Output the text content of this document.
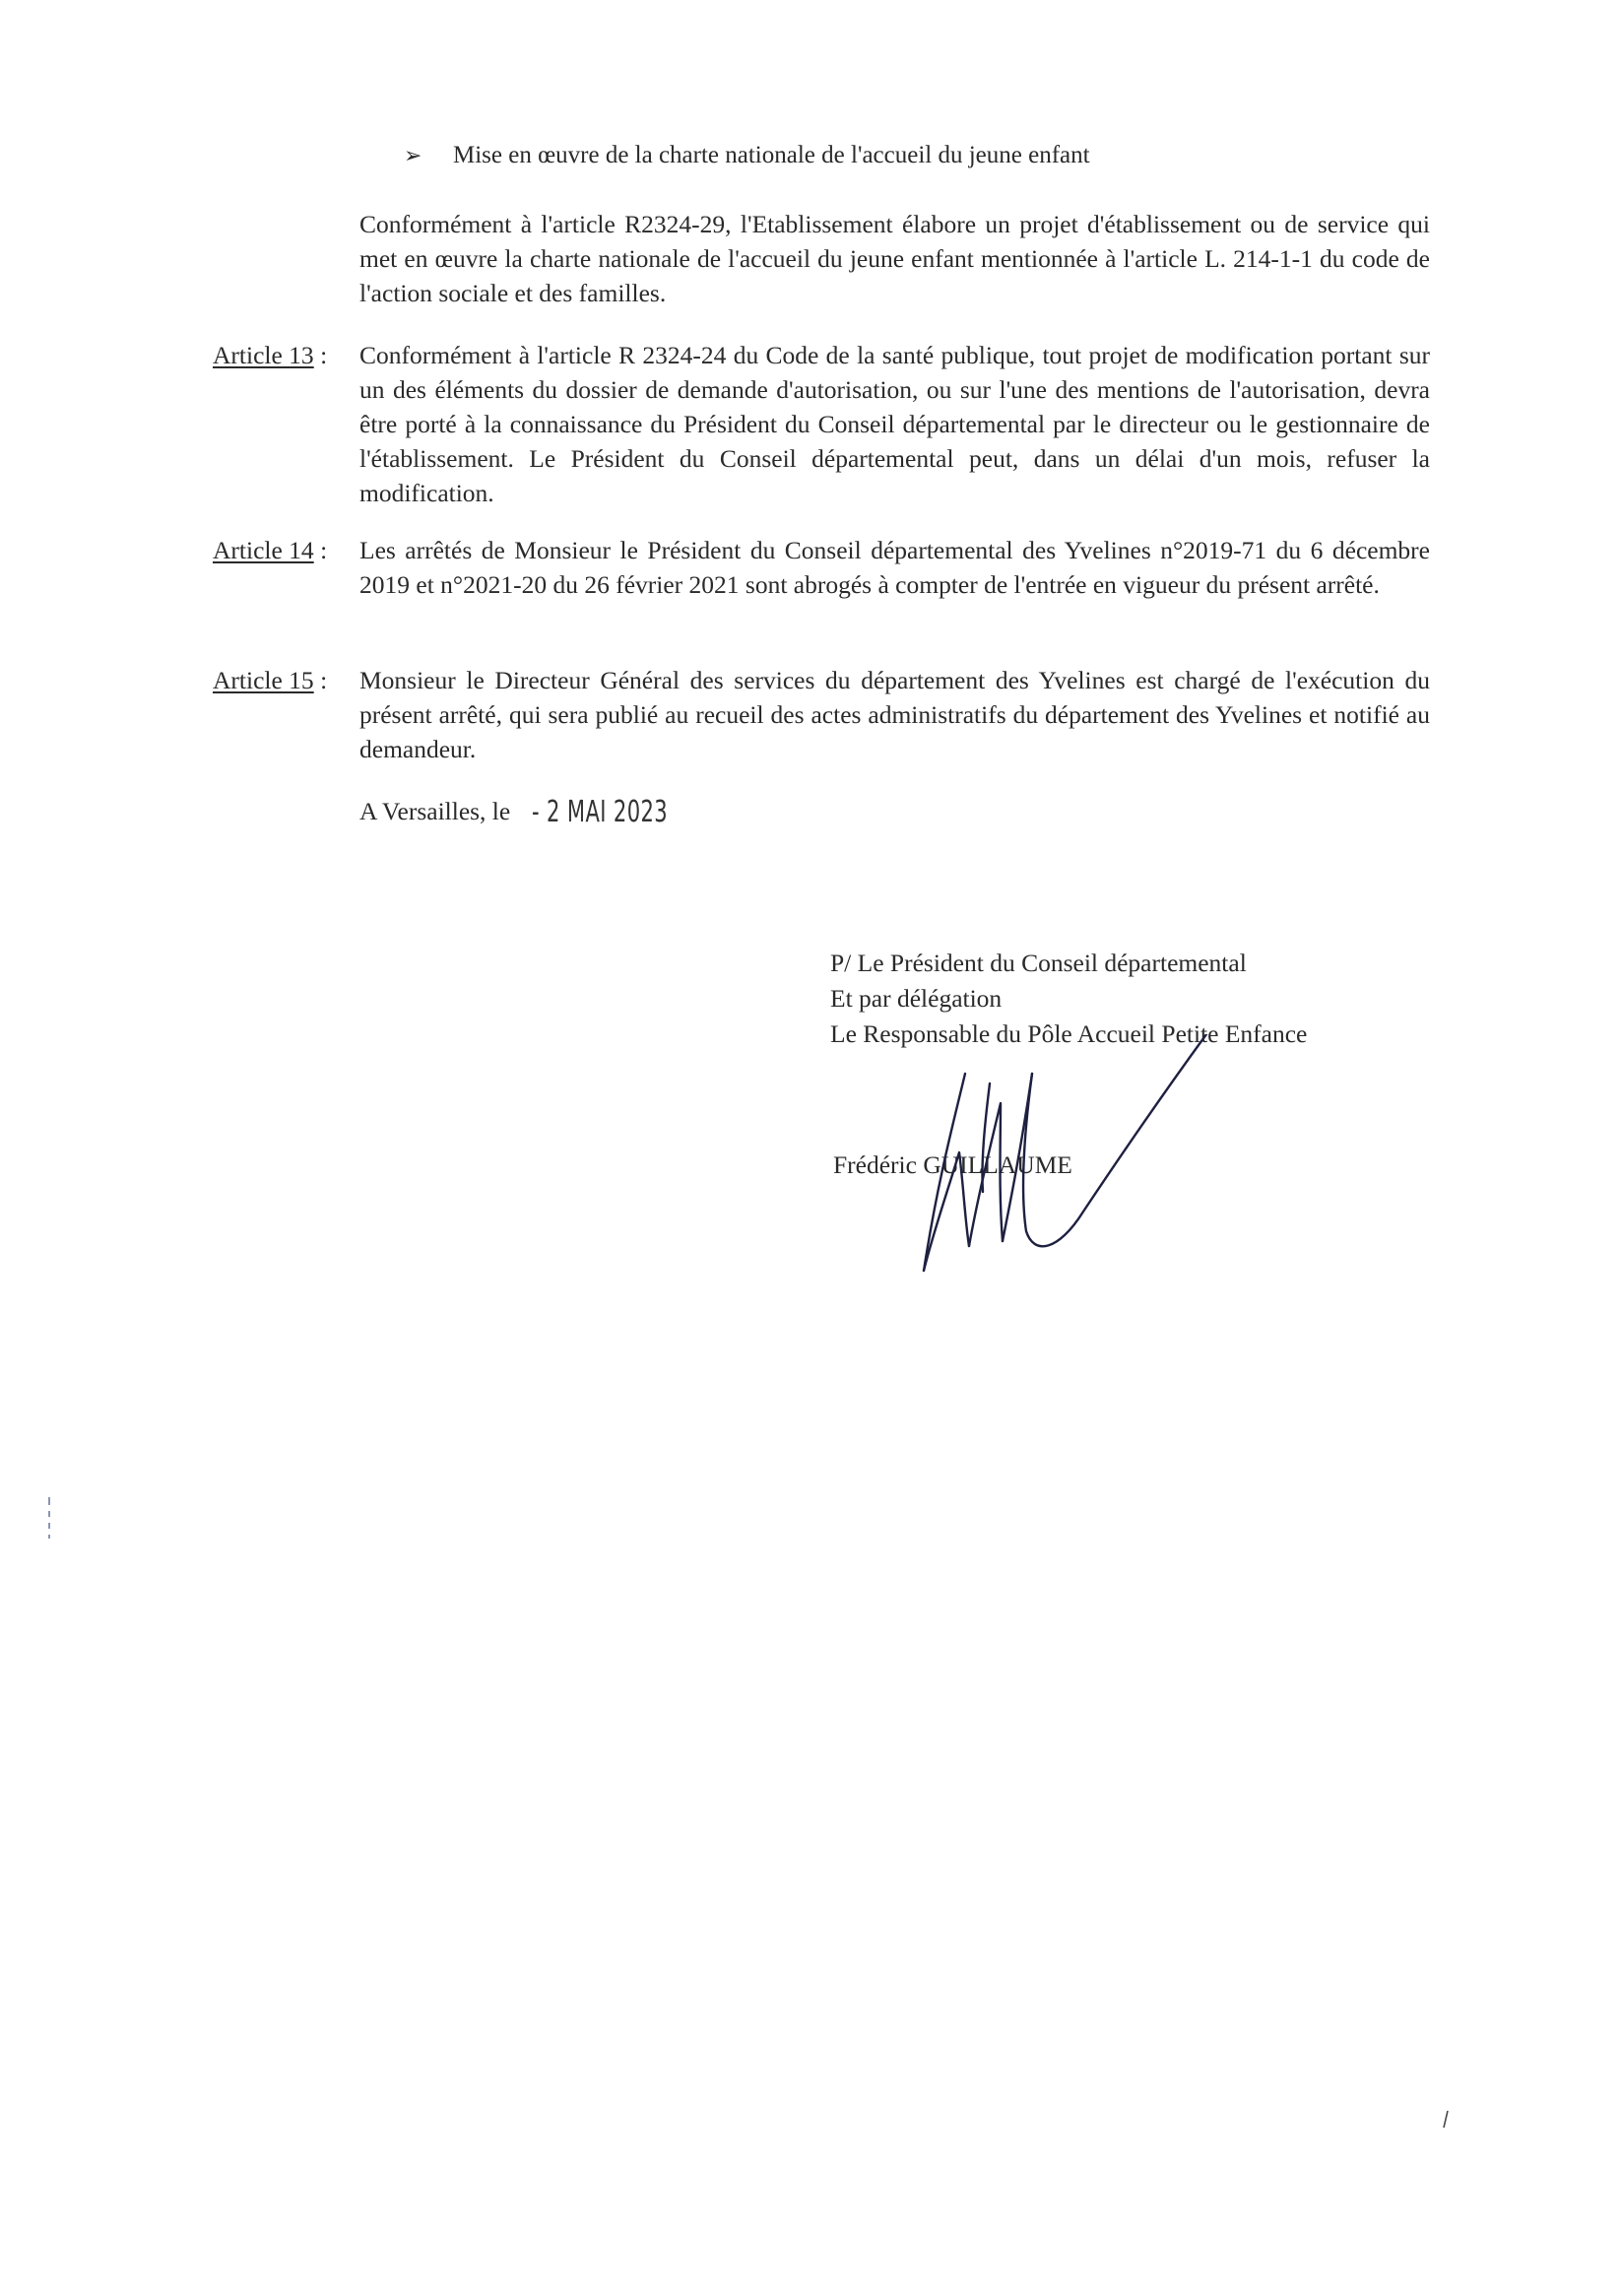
➢ Mise en œuvre de la charte nationale de l'accueil du jeune enfant
Conformément à l'article R2324-29, l'Etablissement élabore un projet d'établissement ou de service qui met en œuvre la charte nationale de l'accueil du jeune enfant mentionnée à l'article L. 214-1-1 du code de l'action sociale et des familles.
Article 13 : Conformément à l'article R 2324-24 du Code de la santé publique, tout projet de modification portant sur un des éléments du dossier de demande d'autorisation, ou sur l'une des mentions de l'autorisation, devra être porté à la connaissance du Président du Conseil départemental par le directeur ou le gestionnaire de l'établissement. Le Président du Conseil départemental peut, dans un délai d'un mois, refuser la modification.
Article 14 : Les arrêtés de Monsieur le Président du Conseil départemental des Yvelines n°2019-71 du 6 décembre 2019 et n°2021-20 du 26 février 2021 sont abrogés à compter de l'entrée en vigueur du présent arrêté.
Article 15 : Monsieur le Directeur Général des services du département des Yvelines est chargé de l'exécution du présent arrêté, qui sera publié au recueil des actes administratifs du département des Yvelines et notifié au demandeur.
A Versailles, le - 2 MAI 2023
P/ Le Président du Conseil départemental
Et par délégation
Le Responsable du Pôle Accueil Petite Enfance
Frédéric GUILLAUME
